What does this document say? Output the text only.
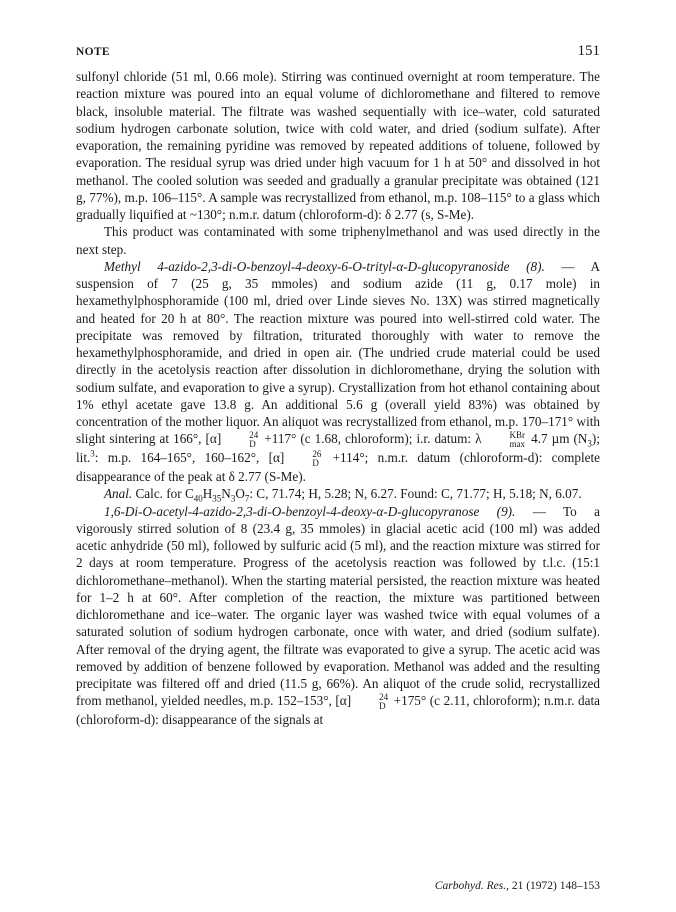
NOTE	151

sulfonyl chloride (51 ml, 0.66 mole). Stirring was continued overnight at room temperature. The reaction mixture was poured into an equal volume of dichloromethane and filtered to remove black, insoluble material. The filtrate was washed sequentially with ice–water, cold saturated sodium hydrogen carbonate solution, twice with cold water, and dried (sodium sulfate). After evaporation, the remaining pyridine was removed by repeated additions of toluene, followed by evaporation. The residual syrup was dried under high vacuum for 1 h at 50° and dissolved in hot methanol. The cooled solution was seeded and gradually a granular precipitate was obtained (121 g, 77%), m.p. 106–115°. A sample was recrystallized from ethanol, m.p. 108–115° to a glass which gradually liquified at ~130°; n.m.r. datum (chloroform-d): δ 2.77 (s, S-Me).

This product was contaminated with some triphenylmethanol and was used directly in the next step.

Methyl 4-azido-2,3-di-O-benzoyl-4-deoxy-6-O-trityl-α-D-glucopyranoside (8). — A suspension of 7 (25 g, 35 mmoles) and sodium azide (11 g, 0.17 mole) in hexamethylphosphoramide (100 ml, dried over Linde sieves No. 13X) was stirred magnetically and heated for 20 h at 80°. The reaction mixture was poured into well-stirred cold water. The precipitate was removed by filtration, triturated thoroughly with water to remove the hexamethylphosphoramide, and dried in open air. (The undried crude material could be used directly in the acetolysis reaction after dissolution in dichloromethane, drying the solution with sodium sulfate, and evaporation to give a syrup). Crystallization from hot ethanol containing about 1% ethyl acetate gave 13.8 g. An additional 5.6 g (overall yield 83%) was obtained by concentration of the mother liquor. An aliquot was recrystallized from ethanol, m.p. 170–171° with slight sintering at 166°, [α]	24
D +117° (c 1.68, chloroform); i.r. datum: λ	KBr
max 4.7 µm $(N_3)$; lit.$^3$: m.p. 164–165°, 160–162°, [α]	26
D +114°; n.m.r. datum (chloroform-d): complete disappearance of the peak at δ 2.77 (S-Me).

Anal. Calc. for $C_{40}H_{35}N_3O_7$: C, 71.74; H, 5.28; N, 6.27. Found: C, 71.77; H, 5.18; N, 6.07.

1,6-Di-O-acetyl-4-azido-2,3-di-O-benzoyl-4-deoxy-α-D-glucopyranose (9). — To a vigorously stirred solution of 8 (23.4 g, 35 mmoles) in glacial acetic acid (100 ml) was added acetic anhydride (50 ml), followed by sulfuric acid (5 ml), and the reaction mixture was stirred for 2 days at room temperature. Progress of the acetolysis reaction was followed by t.l.c. (15:1 dichloromethane–methanol). When the starting material persisted, the reaction mixture was heated for 1–2 h at 60°. After completion of the reaction, the mixture was partitioned between dichloromethane and ice–water. The organic layer was washed twice with equal volumes of a saturated solution of sodium hydrogen carbonate, once with water, and dried (sodium sulfate). After removal of the drying agent, the filtrate was evaporated to give a syrup. The acetic acid was removed by addition of benzene followed by evaporation. Methanol was added and the resulting precipitate was filtered off and dried (11.5 g, 66%). An aliquot of the crude solid, recrystallized from methanol, yielded needles, m.p. 152–153°, [α]	24
D +175° (c 2.11, chloroform); n.m.r. data (chloroform-d): disappearance of the signals at

Carbohyd. Res., 21 (1972) 148–153
